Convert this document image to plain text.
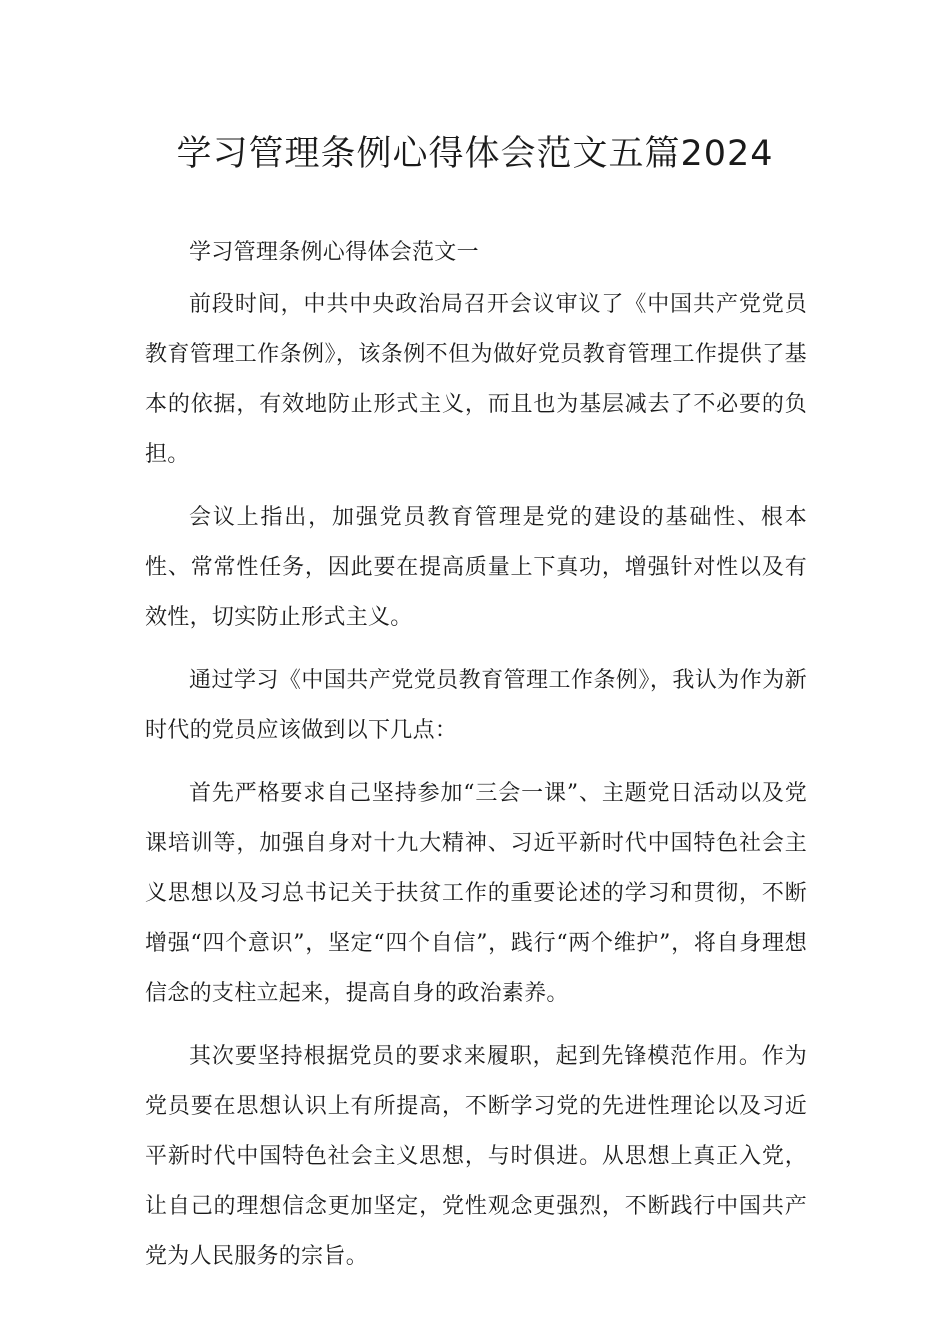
学习管理条例心得体会范文五篇2024

学习管理条例心得体会范文一

前段时间，中共中央政治局召开会议审议了《中国共产党党员教育管理工作条例》，该条例不但为做好党员教育管理工作提供了基本的依据，有效地防止形式主义，而且也为基层减去了不必要的负担。

会议上指出，加强党员教育管理是党的建设的基础性、根本性、常常性任务，因此要在提高质量上下真功，增强针对性以及有效性，切实防止形式主义。

通过学习《中国共产党党员教育管理工作条例》，我认为作为新时代的党员应该做到以下几点：

首先严格要求自己坚持参加“三会一课”、主题党日活动以及党课培训等，加强自身对十九大精神、习近平新时代中国特色社会主义思想以及习总书记关于扶贫工作的重要论述的学习和贯彻，不断增强“四个意识”，坚定“四个自信”，践行“两个维护”，将自身理想信念的支柱立起来，提高自身的政治素养。

其次要坚持根据党员的要求来履职，起到先锋模范作用。作为党员要在思想认识上有所提高，不断学习党的先进性理论以及习近平新时代中国特色社会主义思想，与时俱进。从思想上真正入党，让自己的理想信念更加坚定，党性观念更强烈，不断践行中国共产党为人民服务的宗旨。
